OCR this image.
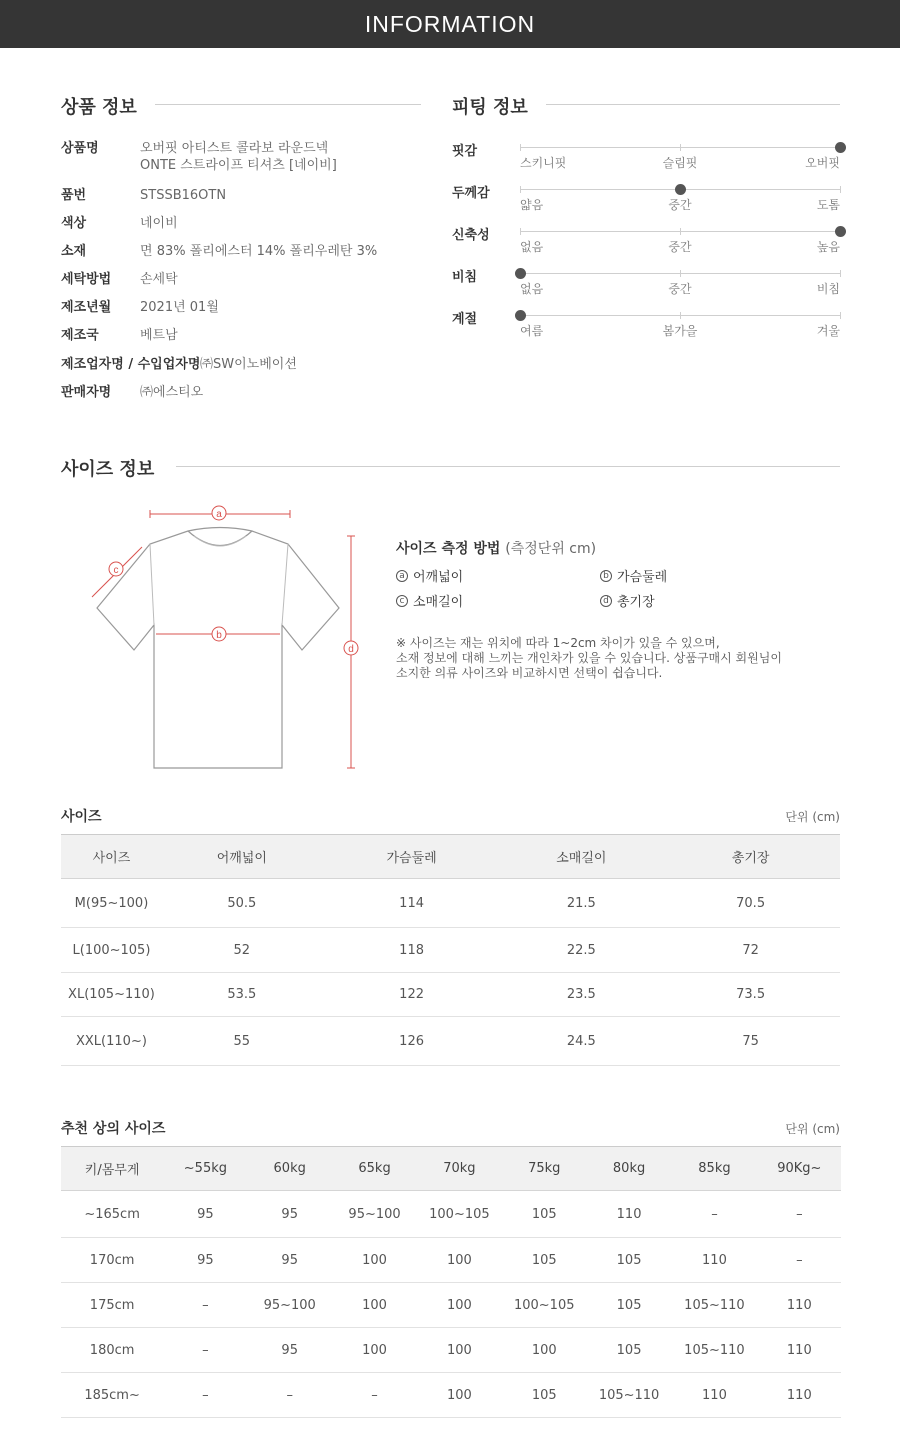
INFORMATION
상품 정보
상품명	오버핏 아티스트 콜라보 라운드넥
ONTE 스트라이프 티셔츠 [네이비]
품번	STSSB16OTN
색상	네이비
소재	면 83% 폴리에스터 14% 폴리우레탄 3%
세탁방법	손세탁
제조년월	2021년 01월
제조국	베트남
제조업자명 / 수입업자명 ㈜SW이노베이션
판매자명	㈜에스티오
피팅 정보
핏감
스키니핏	슬림핏	오버핏
두께감
얇음	중간	도톰
신축성
없음	중간	높음
비침
없음	중간	비침
계절
여름	봄가을	겨울
사이즈 정보
a
c
b
d
사이즈 측정 방법 (측정단위 cm)
a 어깨넓이	b 가슴둘레
c 소매길이	d 총기장
※ 사이즈는 재는 위치에 따라 1~2cm 차이가 있을 수 있으며,
소재 정보에 대해 느끼는 개인차가 있을 수 있습니다. 상품구매시 회원님이
소지한 의류 사이즈와 비교하시면 선택이 쉽습니다.
사이즈	단위 (cm)
사이즈	어깨넓이	가슴둘레	소매길이	총기장
M(95~100)	50.5	114	21.5	70.5
L(100~105)	52	118	22.5	72
XL(105~110)	53.5	122	23.5	73.5
XXL(110~)	55	126	24.5	75
추천 상의 사이즈	단위 (cm)
키/몸무게	~55kg	60kg	65kg	70kg	75kg	80kg	85kg	90Kg~
~165cm	95	95	95~100	100~105	105	110	–	–
170cm	95	95	100	100	105	105	110	–
175cm	–	95~100	100	100	100~105	105	105~110	110
180cm	–	95	100	100	100	105	105~110	110
185cm~	–	–	–	100	105	105~110	110	110
